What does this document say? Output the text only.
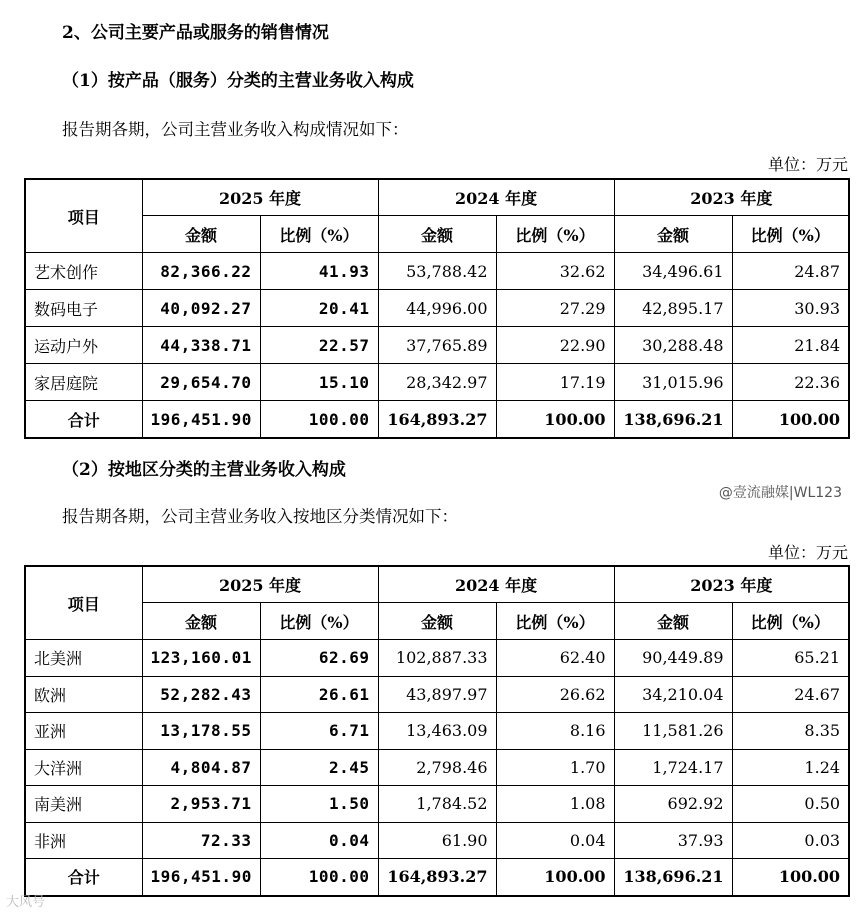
2、公司主要产品或服务的销售情况
（1）按产品（服务）分类的主营业务收入构成
报告期各期，公司主营业务收入构成情况如下：
单位：万元
项目	2025 年度		2024 年度		2023 年度	
	金额	比例（%）	金额	比例（%）	金额	比例（%）
艺术创作	82,366.22	41.93	53,788.42	32.62	34,496.61	24.87
数码电子	40,092.27	20.41	44,996.00	27.29	42,895.17	30.93
运动户外	44,338.71	22.57	37,765.89	22.90	30,288.48	21.84
家居庭院	29,654.70	15.10	28,342.97	17.19	31,015.96	22.36
合计	196,451.90	100.00	164,893.27	100.00	138,696.21	100.00
（2）按地区分类的主营业务收入构成
@壹流融媒|WL123
报告期各期，公司主营业务收入按地区分类情况如下：
单位：万元
项目	2025 年度		2024 年度		2023 年度	
	金额	比例（%）	金额	比例（%）	金额	比例（%）
北美洲	123,160.01	62.69	102,887.33	62.40	90,449.89	65.21
欧洲	52,282.43	26.61	43,897.97	26.62	34,210.04	24.67
亚洲	13,178.55	6.71	13,463.09	8.16	11,581.26	8.35
大洋洲	4,804.87	2.45	2,798.46	1.70	1,724.17	1.24
南美洲	2,953.71	1.50	1,784.52	1.08	692.92	0.50
非洲	72.33	0.04	61.90	0.04	37.93	0.03
合计	196,451.90	100.00	164,893.27	100.00	138,696.21	100.00
大风号
